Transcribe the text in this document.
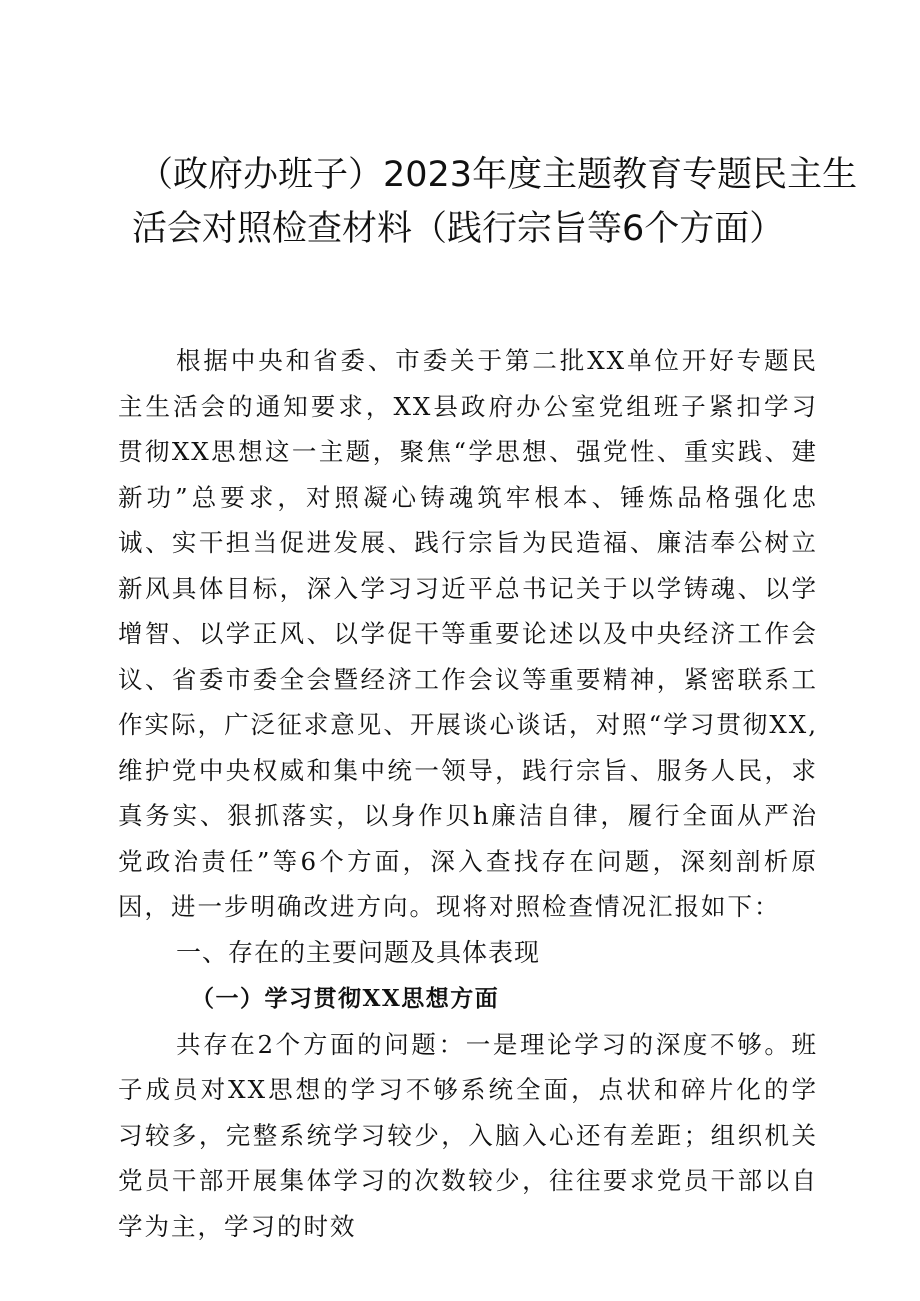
（政府办班子）2023年度主题教育专题民主生
活会对照检查材料（践行宗旨等6个方面）

根据中央和省委、市委关于第二批XX单位开好专题民主生活会的通知要求，XX县政府办公室党组班子紧扣学习贯彻XX思想这一主题，聚焦“学思想、强党性、重实践、建新功”总要求，对照凝心铸魂筑牢根本、锤炼品格强化忠诚、实干担当促进发展、践行宗旨为民造福、廉洁奉公树立新风具体目标，深入学习习近平总书记关于以学铸魂、以学增智、以学正风、以学促干等重要论述以及中央经济工作会议、省委市委全会暨经济工作会议等重要精神，紧密联系工作实际，广泛征求意见、开展谈心谈话，对照“学习贯彻XX,维护党中央权威和集中统一领导，践行宗旨、服务人民，求真务实、狠抓落实，以身作贝h廉洁自律，履行全面从严治党政治责任”等6个方面，深入查找存在问题，深刻剖析原因，进一步明确改进方向。现将对照检查情况汇报如下：

一、存在的主要问题及具体表现

（一）学习贯彻XX思想方面

共存在2个方面的问题：一是理论学习的深度不够。班子成员对XX思想的学习不够系统全面，点状和碎片化的学习较多，完整系统学习较少，入脑入心还有差距；组织机关党员干部开展集体学习的次数较少，往往要求党员干部以自学为主，学习的时效
